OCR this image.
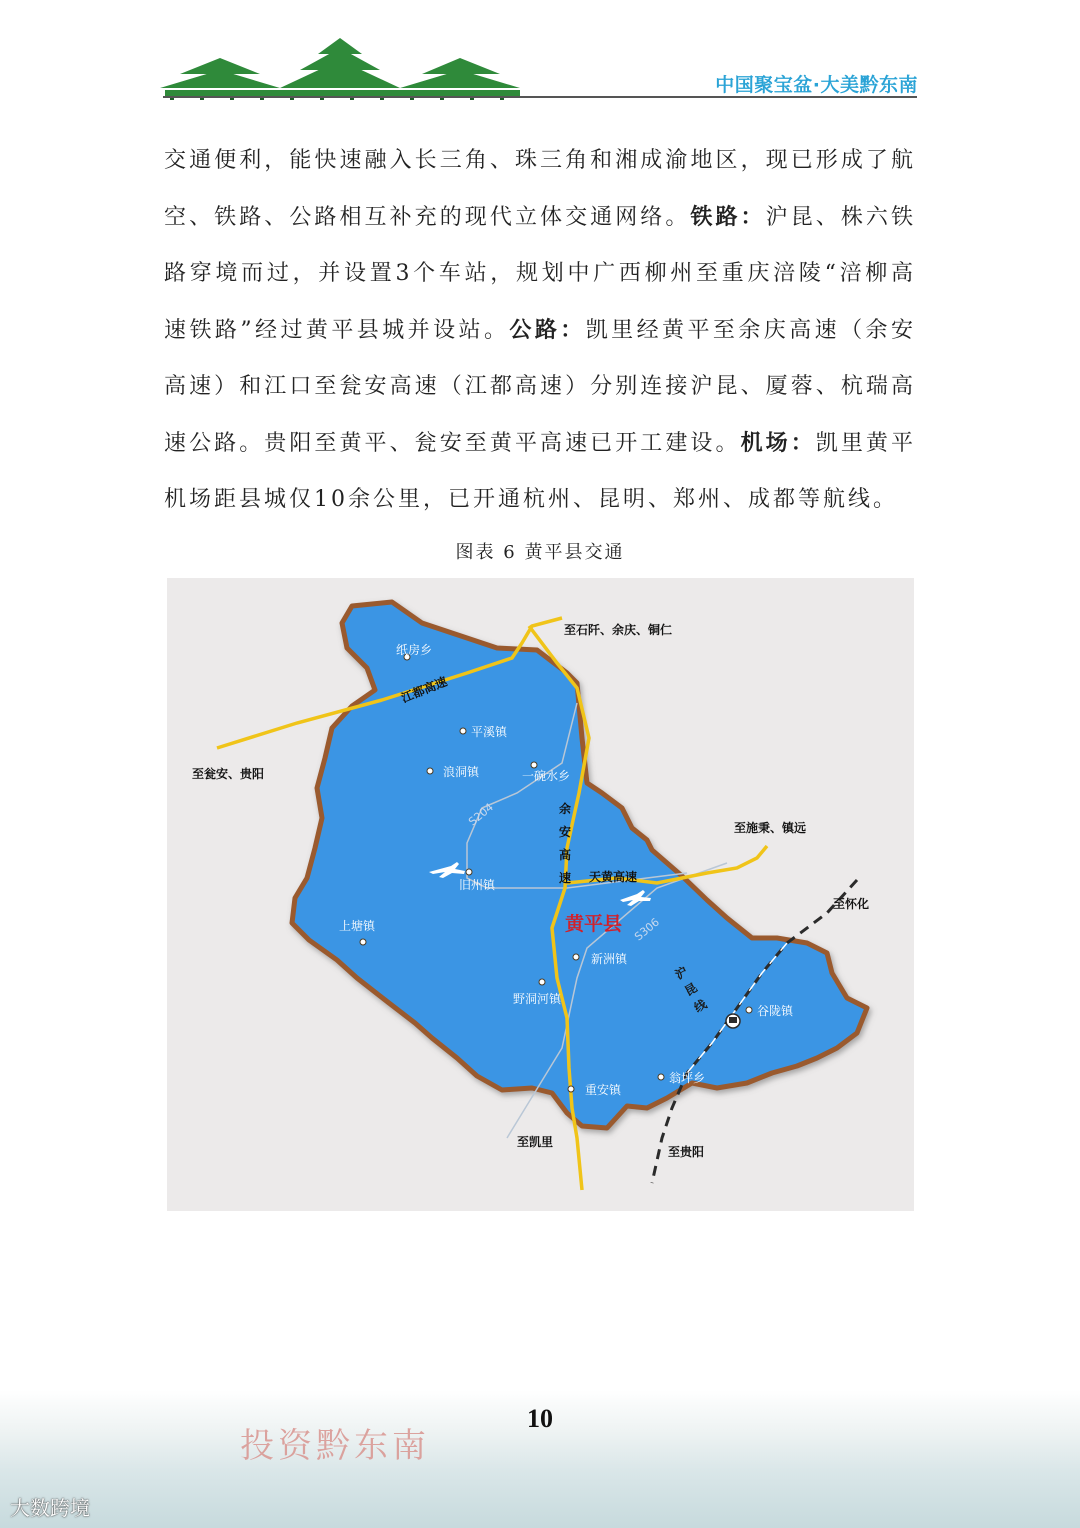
中国聚宝盆·大美黔东南
交通便利，能快速融入长三角、珠三角和湘成渝地区，现已形成了航空、铁路、公路相互补充的现代立体交通网络。铁路：沪昆、株六铁路穿境而过，并设置3个车站，规划中广西柳州至重庆涪陵“涪柳高速铁路”经过黄平县城并设站。公路：凯里经黄平至余庆高速（余安高速）和江口至瓮安高速（江都高速）分别连接沪昆、厦蓉、杭瑞高速公路。贵阳至黄平、瓮安至黄平高速已开工建设。机场：凯里黄平机场距县城仅10余公里，已开通杭州、昆明、郑州、成都等航线。
图表 6 黄平县交通
纸房乡
平溪镇
浪洞镇	一碗水乡
旧州镇
上塘镇
新洲镇
野洞河镇
谷陇镇
翁坪乡
重安镇
黄平县
至石阡、余庆、铜仁
至瓮安、贵阳
至施秉、镇远
至怀化
至凯里
至贵阳
江都高速
余安高速 天黄高速
S204
S306
沪昆线
10
投资黔东南
大数跨境
